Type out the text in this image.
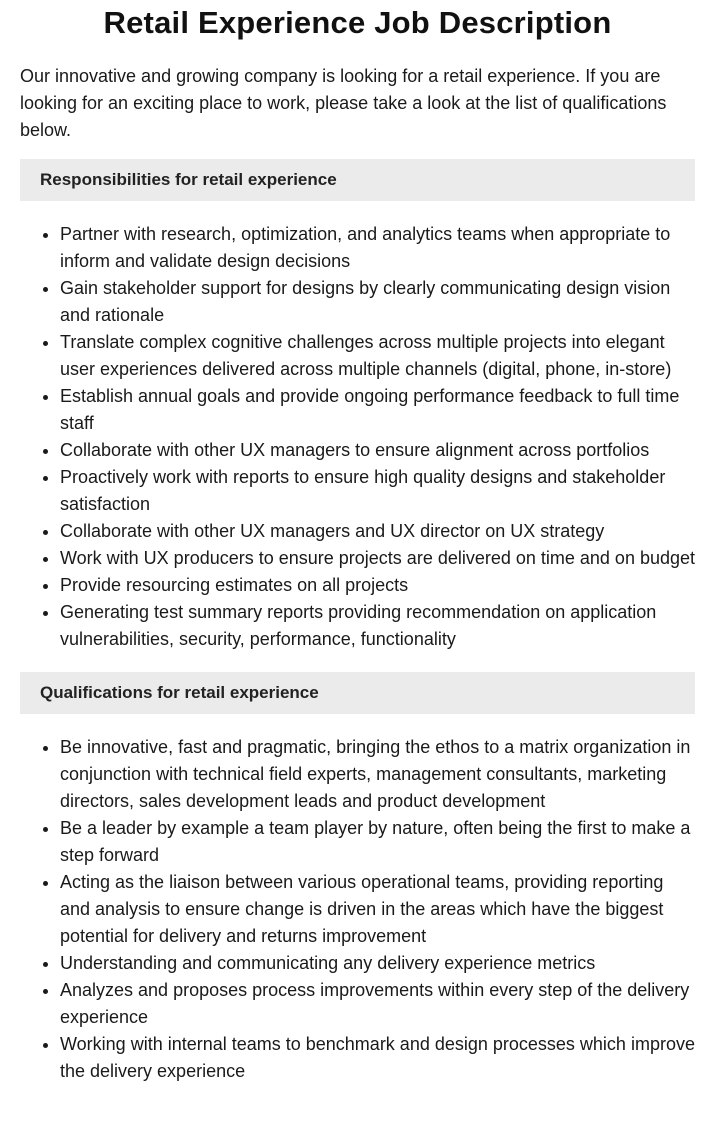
Retail Experience Job Description

Our innovative and growing company is looking for a retail experience. If you are looking for an exciting place to work, please take a look at the list of qualifications below.

Responsibilities for retail experience
• Partner with research, optimization, and analytics teams when appropriate to inform and validate design decisions
• Gain stakeholder support for designs by clearly communicating design vision and rationale
• Translate complex cognitive challenges across multiple projects into elegant user experiences delivered across multiple channels (digital, phone, in-store)
• Establish annual goals and provide ongoing performance feedback to full time staff
• Collaborate with other UX managers to ensure alignment across portfolios
• Proactively work with reports to ensure high quality designs and stakeholder satisfaction
• Collaborate with other UX managers and UX director on UX strategy
• Work with UX producers to ensure projects are delivered on time and on budget
• Provide resourcing estimates on all projects
• Generating test summary reports providing recommendation on application vulnerabilities, security, performance, functionality
Qualifications for retail experience
• Be innovative, fast and pragmatic, bringing the ethos to a matrix organization in conjunction with technical field experts, management consultants, marketing directors, sales development leads and product development
• Be a leader by example a team player by nature, often being the first to make a step forward
• Acting as the liaison between various operational teams, providing reporting and analysis to ensure change is driven in the areas which have the biggest potential for delivery and returns improvement
• Understanding and communicating any delivery experience metrics
• Analyzes and proposes process improvements within every step of the delivery experience
• Working with internal teams to benchmark and design processes which improve the delivery experience
